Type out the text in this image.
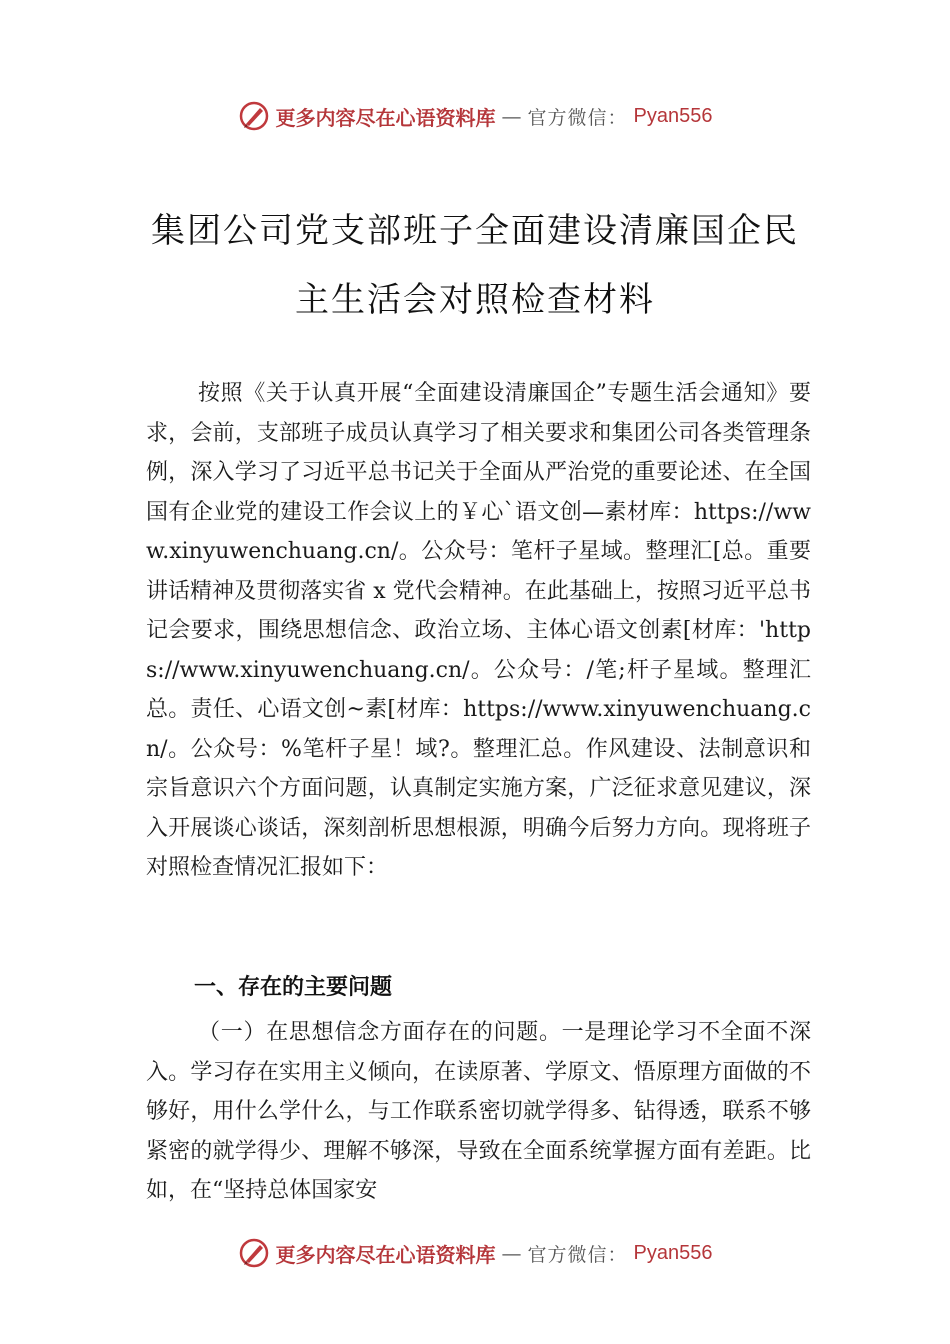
更多内容尽在心语资料库 — 官方微信： Pyan556
集团公司党支部班子全面建设清廉国企民
主生活会对照检查材料

按照《关于认真开展“全面建设清廉国企”专题生活会通知》要求，会前，支部班子成员认真学习了相关要求和集团公司各类管理条例，深入学习了习近平总书记关于全面从严治党的重要论述、在全国国有企业党的建设工作会议上的￥心`语文创—素材库：https://www.xinyuwenchuang.cn/。公众号：笔杆子星域。整理汇[总。重要讲话精神及贯彻落实省 x 党代会精神。在此基础上，按照习近平总书记会要求，围绕思想信念、政治立场、主体心语文创素[材库：'https://www.xinyuwenchuang.cn/。公众号：/笔;杆子星域。整理汇总。责任、心语文创~素[材库：https://www.xinyuwenchuang.cn/。公众号：%笔杆子星！域?。整理汇总。作风建设、法制意识和宗旨意识六个方面问题，认真制定实施方案，广泛征求意见建议，深入开展谈心谈话，深刻剖析思想根源，明确今后努力方向。现将班子对照检查情况汇报如下：

一、存在的主要问题

（一）在思想信念方面存在的问题。一是理论学习不全面不深入。学习存在实用主义倾向，在读原著、学原文、悟原理方面做的不够好，用什么学什么，与工作联系密切就学得多、钻得透，联系不够紧密的就学得少、理解不够深，导致在全面系统掌握方面有差距。比如，在“坚持总体国家安

更多内容尽在心语资料库 — 官方微信： Pyan556
